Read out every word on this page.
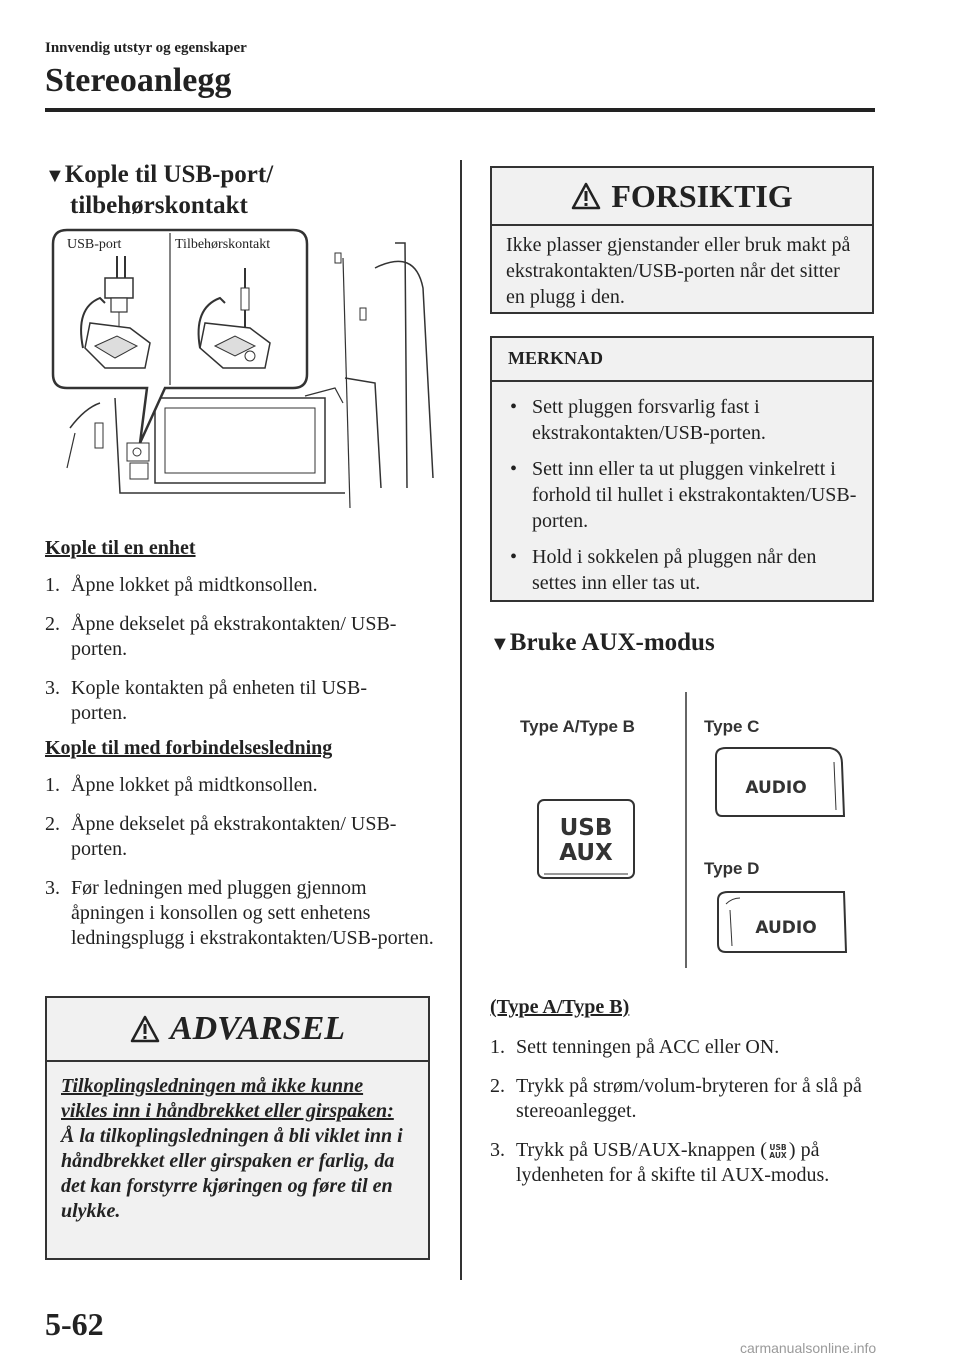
Innvendig utstyr og egenskaper
Stereoanlegg
▼Kople til USB-port/
tilbehørskontakt
USB-port	Tilbehørskontakt
Kople til en enhet
1. Åpne lokket på midtkonsollen.
2. Åpne dekselet på ekstrakontakten/ USB-porten.
3. Kople kontakten på enheten til USB-porten.
Kople til med forbindelsesledning
1. Åpne lokket på midtkonsollen.
2. Åpne dekselet på ekstrakontakten/ USB-porten.
3. Før ledningen med pluggen gjennom åpningen i konsollen og sett enhetens ledningsplugg i ekstrakontakten/USB-porten.
ADVARSEL
Tilkoplingsledningen må ikke kunne vikles inn i håndbrekket eller girspaken:
Å la tilkoplingsledningen å bli viklet inn i håndbrekket eller girspaken er farlig, da det kan forstyrre kjøringen og føre til en ulykke.
FORSIKTIG
Ikke plasser gjenstander eller bruk makt på ekstrakontakten/USB-porten når det sitter en plugg i den.
MERKNAD
• Sett pluggen forsvarlig fast i ekstrakontakten/USB-porten.
• Sett inn eller ta ut pluggen vinkelrett i forhold til hullet i ekstrakontakten/USB-porten.
• Hold i sokkelen på pluggen når den settes inn eller tas ut.
▼Bruke AUX-modus
Type A/Type B	Type C
Type D
USB
AUX
AUDIO
AUDIO
(Type A/Type B)
1. Sett tenningen på ACC eller ON.
2. Trykk på strøm/volum-bryteren for å slå på stereoanlegget.
3. Trykk på USB/AUX-knappen ( USB
AUX ) på lydenheten for å skifte til AUX-modus.
5-62
carmanualsonline.info
